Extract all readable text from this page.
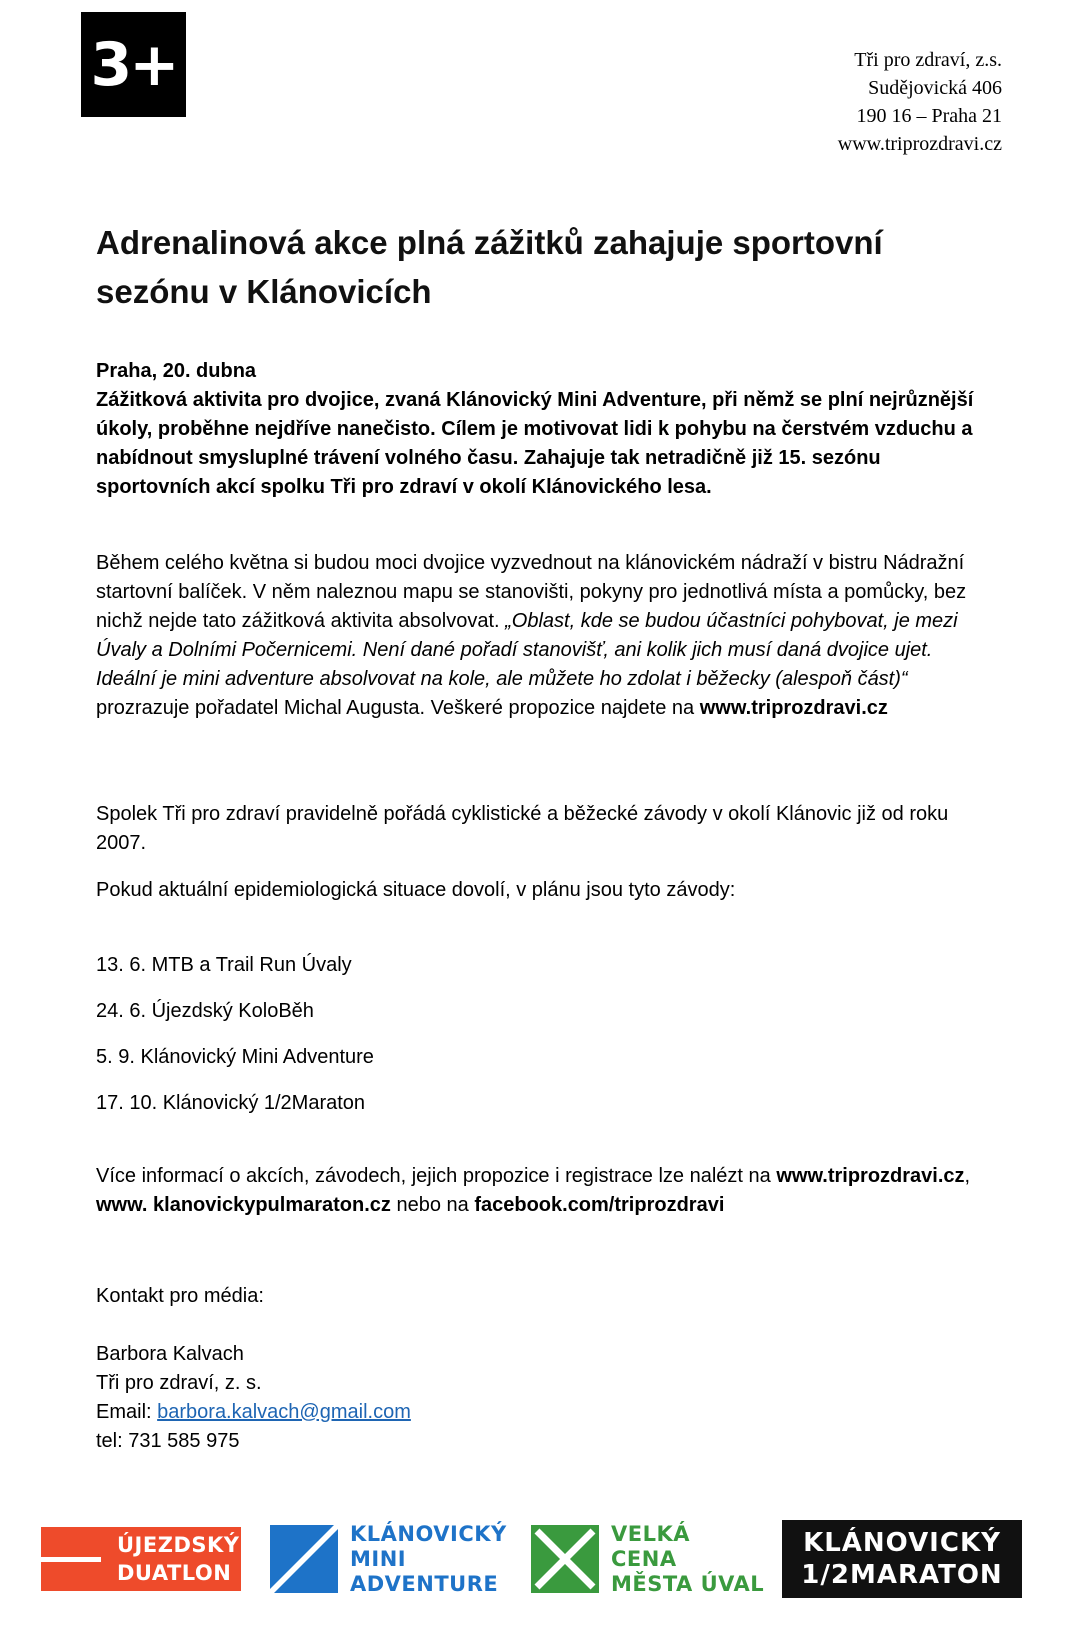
3+	Tři pro zdraví, z.s.
Sudějovická 406
190 16 – Praha 21
www.triprozdravi.cz
Adrenalinová akce plná zážitků zahajuje sportovní sezónu v Klánovicích

Praha, 20. dubna

Zážitková aktivita pro dvojice, zvaná Klánovický Mini Adventure, při němž se plní nejrůznější úkoly, proběhne nejdříve nanečisto. Cílem je motivovat lidi k pohybu na čerstvém vzduchu a nabídnout smysluplné trávení volného času. Zahajuje tak netradičně již 15. sezónu sportovních akcí spolku Tři pro zdraví v okolí Klánovického lesa.

Během celého května si budou moci dvojice vyzvednout na klánovickém nádraží v bistru Nádražní startovní balíček. V něm naleznou mapu se stanovišti, pokyny pro jednotlivá místa a pomůcky, bez nichž nejde tato zážitková aktivita absolvovat. „Oblast, kde se budou účastníci pohybovat, je mezi Úvaly a Dolními Počernicemi. Není dané pořadí stanovišť, ani kolik jich musí daná dvojice ujet. Ideální je mini adventure absolvovat na kole, ale můžete ho zdolat i běžecky (alespoň část)“ prozrazuje pořadatel Michal Augusta. Veškeré propozice najdete na www.triprozdravi.cz

Spolek Tři pro zdraví pravidelně pořádá cyklistické a běžecké závody v okolí Klánovic již od roku 2007.

Pokud aktuální epidemiologická situace dovolí, v plánu jsou tyto závody:

13. 6. MTB a Trail Run Úvaly
24. 6. Újezdský KoloBěh
5. 9. Klánovický Mini Adventure
17. 10. Klánovický 1/2Maraton

Více informací o akcích, závodech, jejich propozice i registrace lze nalézt na www.triprozdravi.cz, www. klanovickypulmaraton.cz nebo na facebook.com/triprozdravi

Kontakt pro média:

Barbora Kalvach

Tři pro zdraví, z. s.

Email: barbora.kalvach@gmail.com

tel: 731 585 975

ÚJEZDSKÝ
DUATLON
KLÁNOVICKÝ
MINI
ADVENTURE
VELKÁ
CENA
MĚSTA ÚVAL
KLÁNOVICKÝ
1/2MARATON
